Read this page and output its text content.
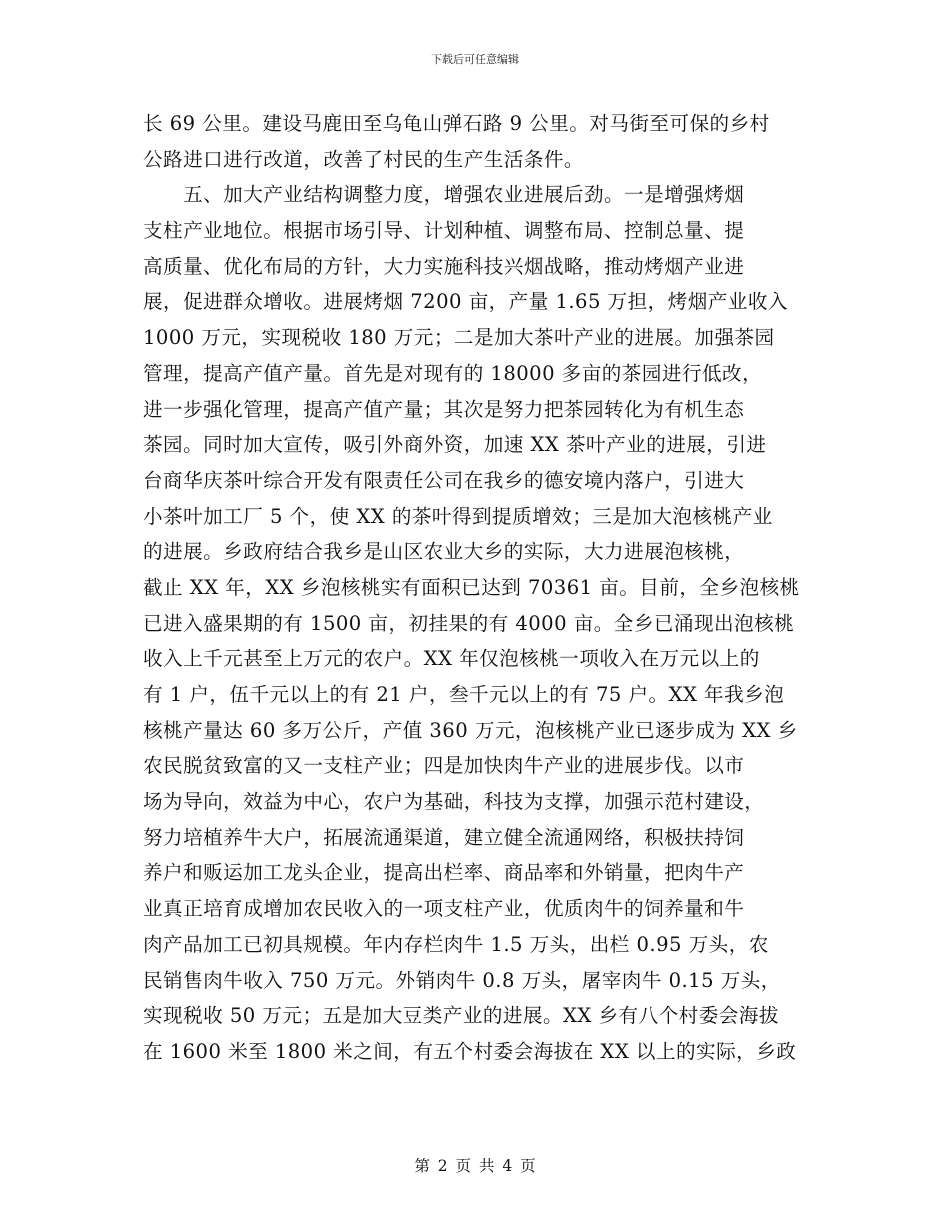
下载后可任意编辑
长 69 公里。建设马鹿田至乌龟山弹石路 9 公里。对马街至可保的乡村
公路进口进行改道，改善了村民的生产生活条件。
　　五、加大产业结构调整力度，增强农业进展后劲。一是增强烤烟
支柱产业地位。根据市场引导、计划种植、调整布局、控制总量、提
高质量、优化布局的方针，大力实施科技兴烟战略，推动烤烟产业进
展，促进群众增收。进展烤烟 7200 亩，产量 1.65 万担，烤烟产业收入
1000 万元，实现税收 180 万元；二是加大茶叶产业的进展。加强茶园
管理，提高产值产量。首先是对现有的 18000 多亩的茶园进行低改，
进一步强化管理，提高产值产量；其次是努力把茶园转化为有机生态
茶园。同时加大宣传，吸引外商外资，加速 XX 茶叶产业的进展，引进
台商华庆茶叶综合开发有限责任公司在我乡的德安境内落户，引进大
小茶叶加工厂 5 个，使 XX 的茶叶得到提质增效；三是加大泡核桃产业
的进展。乡政府结合我乡是山区农业大乡的实际，大力进展泡核桃，
截止 XX 年，XX 乡泡核桃实有面积已达到 70361 亩。目前，全乡泡核桃
已进入盛果期的有 1500 亩，初挂果的有 4000 亩。全乡已涌现出泡核桃
收入上千元甚至上万元的农户。XX 年仅泡核桃一项收入在万元以上的
有 1 户，伍千元以上的有 21 户，叁千元以上的有 75 户。XX 年我乡泡
核桃产量达 60 多万公斤，产值 360 万元，泡核桃产业已逐步成为 XX 乡
农民脱贫致富的又一支柱产业；四是加快肉牛产业的进展步伐。以市
场为导向，效益为中心，农户为基础，科技为支撑，加强示范村建设，
努力培植养牛大户，拓展流通渠道，建立健全流通网络，积极扶持饲
养户和贩运加工龙头企业，提高出栏率、商品率和外销量，把肉牛产
业真正培育成增加农民收入的一项支柱产业，优质肉牛的饲养量和牛
肉产品加工已初具规模。年内存栏肉牛 1.5 万头，出栏 0.95 万头，农
民销售肉牛收入 750 万元。外销肉牛 0.8 万头，屠宰肉牛 0.15 万头，
实现税收 50 万元；五是加大豆类产业的进展。XX 乡有八个村委会海拔
在 1600 米至 1800 米之间，有五个村委会海拔在 XX 以上的实际，乡政
第 2 页 共 4 页
